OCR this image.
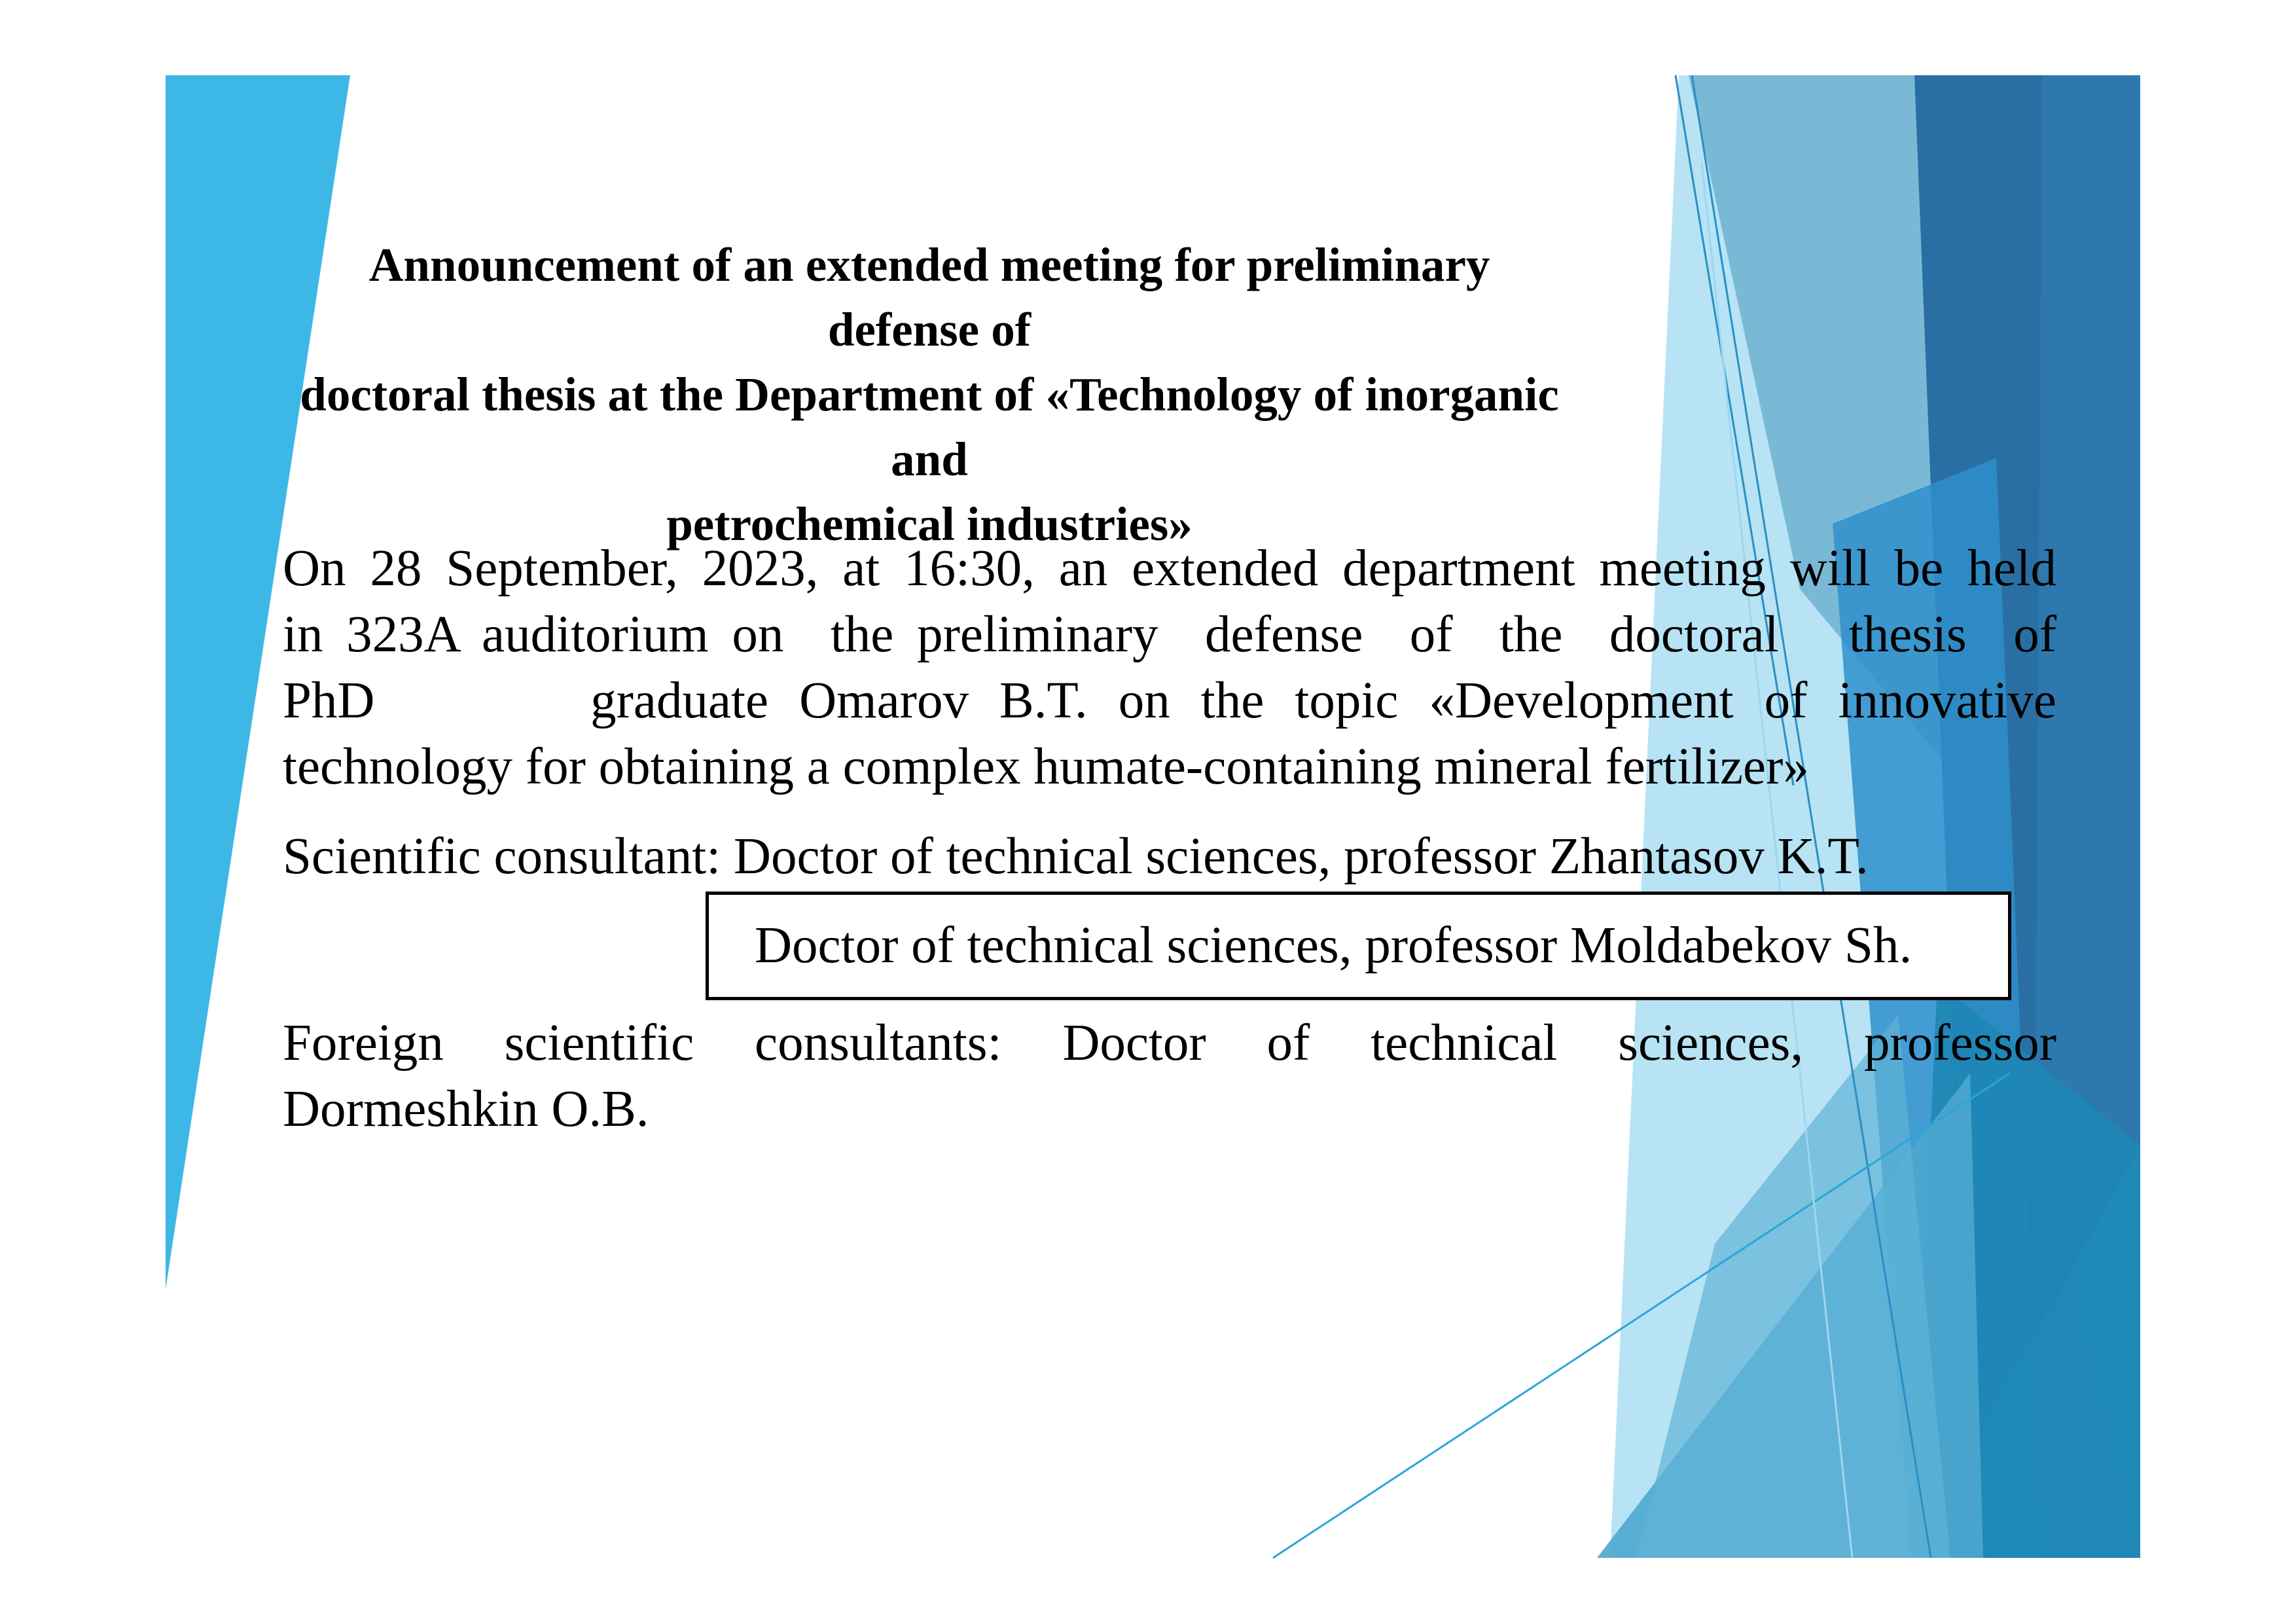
Announcement of an extended meeting for preliminary defense of
doctoral thesis at the Department of «Technology of inorganic and
petrochemical industries»
On 28 September, 2023, at 16:30, an extended department meeting will be held
in 323A auditorium on  the preliminary  defense  of  the  doctoral   thesis  of
PhD       graduate Omarov B.T. on the topic «Development of innovative
technology for obtaining a complex humate-containing mineral fertilizer»
Scientific consultant: Doctor of technical sciences, professor Zhantasov K.T.
Doctor of technical sciences, professor Moldabekov Sh.
Foreign scientific consultants: Doctor of technical sciences, professor
Dormeshkin O.B.
